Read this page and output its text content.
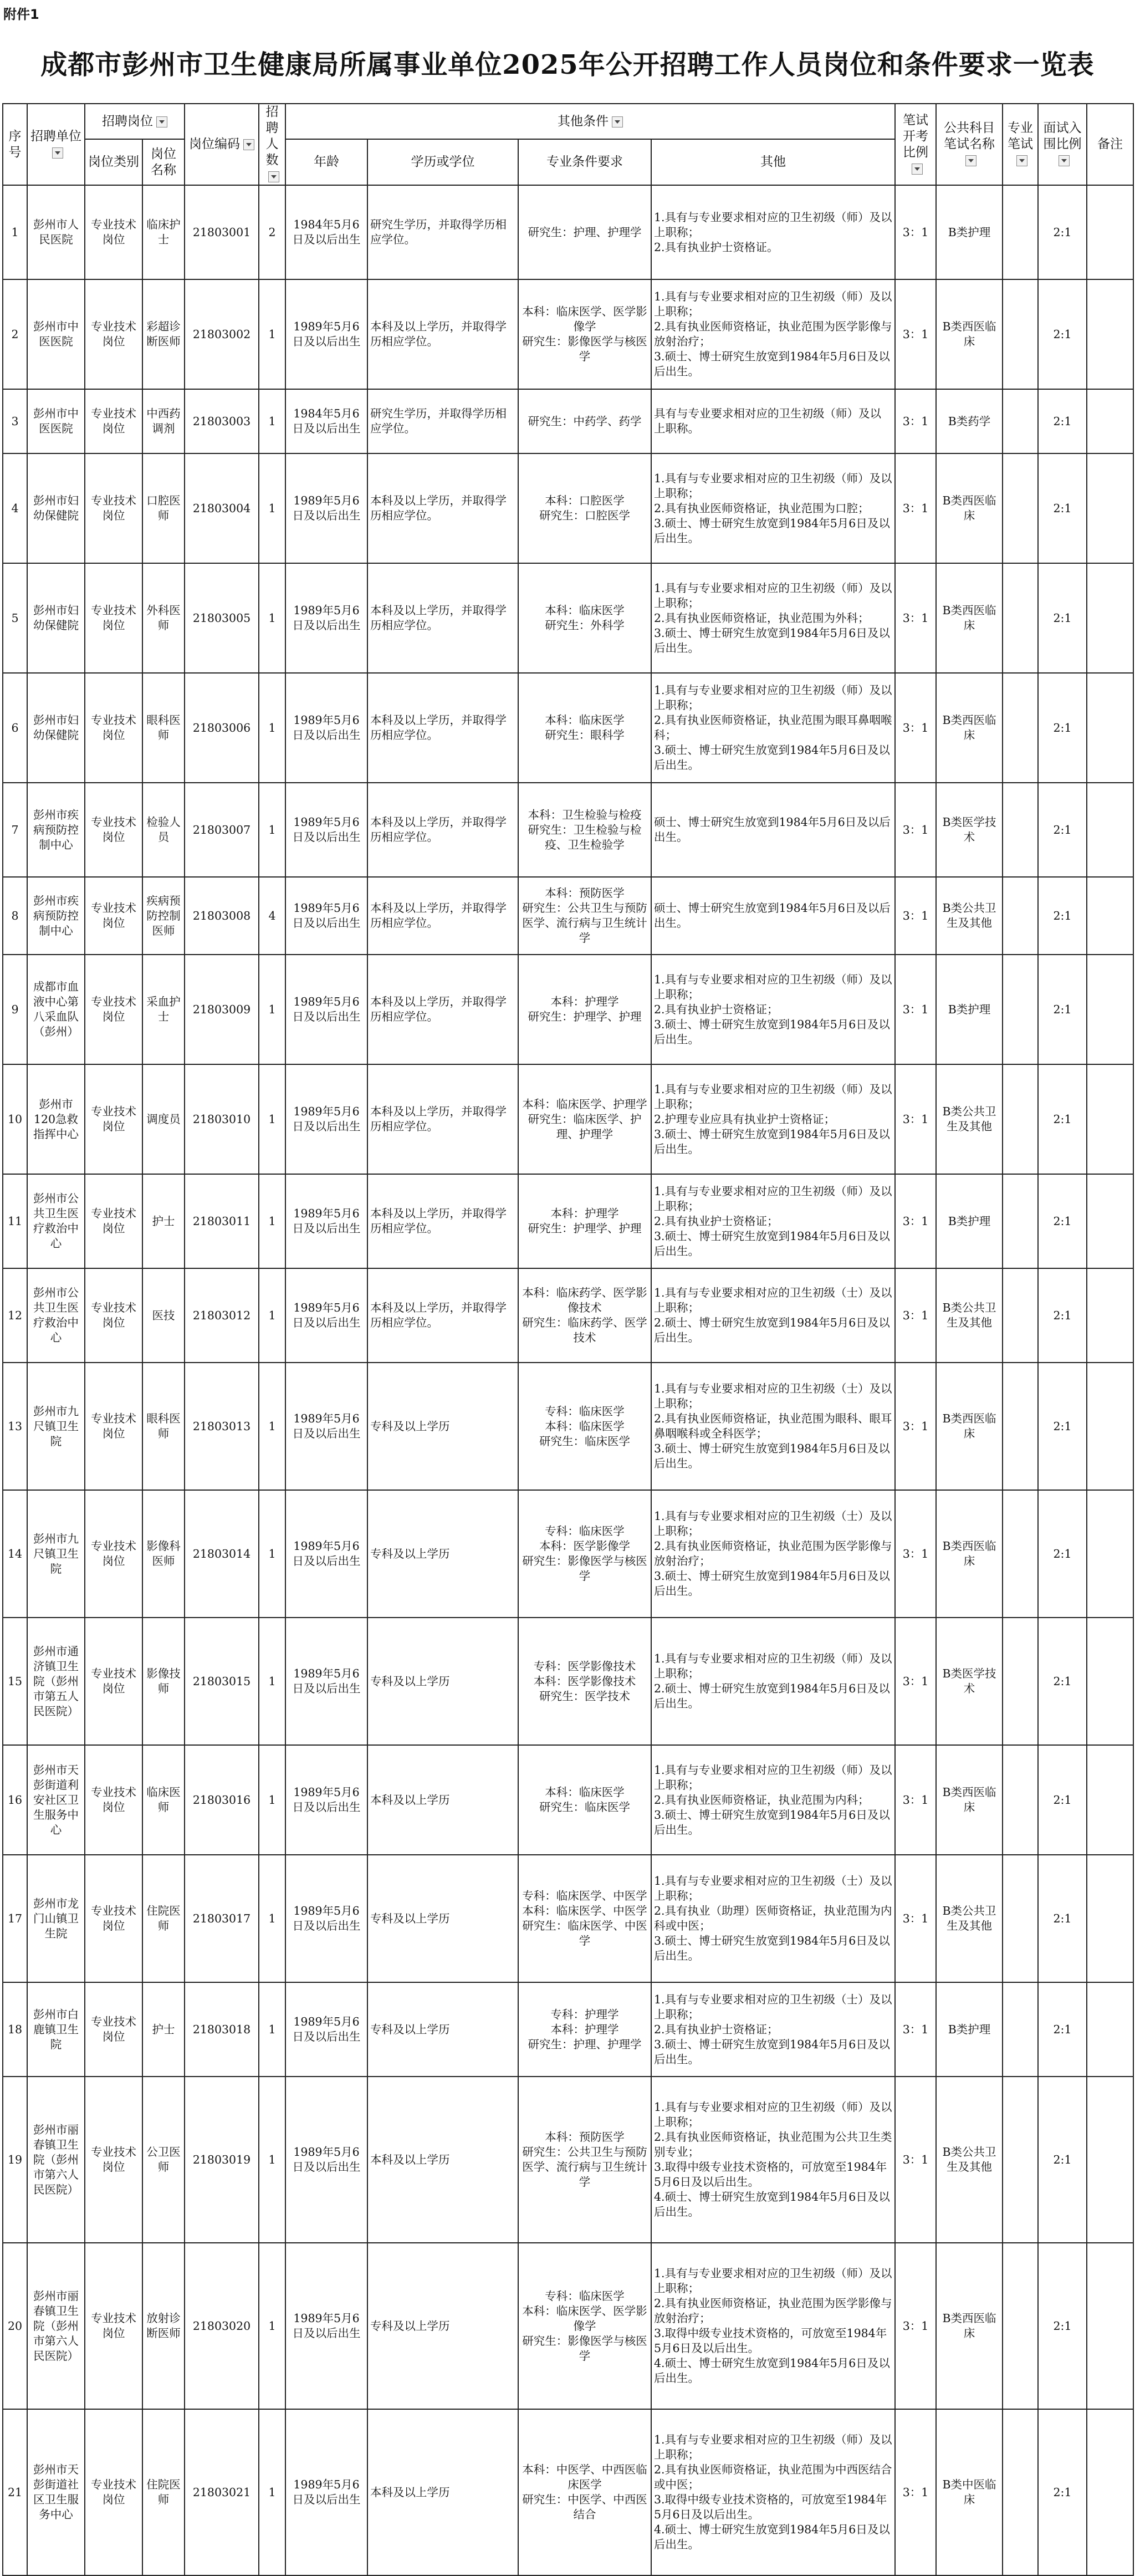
附件1
成都市彭州市卫生健康局所属事业单位2025年公开招聘工作人员岗位和条件要求一览表
序号	招聘单位	招聘岗位		岗位编码	招聘人数	其他条件				笔试开考比例	公共科目笔试名称	专业笔试	面试入围比例	备注
		岗位类别	岗位名称			年龄	学历或学位	专业条件要求	其他					
1	彭州市人民医院	专业技术岗位	临床护士	21803001	2	1984年5月6日及以后出生	研究生学历，并取得学历相应学位。	研究生：护理、护理学	1.具有与专业要求相对应的卫生初级（师）及以上职称；
2.具有执业护士资格证。	3：1	B类护理		2:1	
2	彭州市中医医院	专业技术岗位	彩超诊断医师	21803002	1	1989年5月6日及以后出生	本科及以上学历，并取得学历相应学位。	本科：临床医学、医学影像学
研究生：影像医学与核医学	1.具有与专业要求相对应的卫生初级（师）及以上职称；
2.具有执业医师资格证，执业范围为医学影像与放射治疗；
3.硕士、博士研究生放宽到1984年5月6日及以后出生。	3：1	B类西医临床		2:1	
3	彭州市中医医院	专业技术岗位	中西药调剂	21803003	1	1984年5月6日及以后出生	研究生学历，并取得学历相应学位。	研究生：中药学、药学	具有与专业要求相对应的卫生初级（师）及以上职称。	3：1	B类药学		2:1	
4	彭州市妇幼保健院	专业技术岗位	口腔医师	21803004	1	1989年5月6日及以后出生	本科及以上学历，并取得学历相应学位。	本科：口腔医学
研究生：口腔医学	1.具有与专业要求相对应的卫生初级（师）及以上职称；
2.具有执业医师资格证，执业范围为口腔；
3.硕士、博士研究生放宽到1984年5月6日及以后出生。	3：1	B类西医临床		2:1	
5	彭州市妇幼保健院	专业技术岗位	外科医师	21803005	1	1989年5月6日及以后出生	本科及以上学历，并取得学历相应学位。	本科：临床医学
研究生：外科学	1.具有与专业要求相对应的卫生初级（师）及以上职称；
2.具有执业医师资格证，执业范围为外科；
3.硕士、博士研究生放宽到1984年5月6日及以后出生。	3：1	B类西医临床		2:1	
6	彭州市妇幼保健院	专业技术岗位	眼科医师	21803006	1	1989年5月6日及以后出生	本科及以上学历，并取得学历相应学位。	本科：临床医学
研究生：眼科学	1.具有与专业要求相对应的卫生初级（师）及以上职称；
2.具有执业医师资格证，执业范围为眼耳鼻咽喉科；
3.硕士、博士研究生放宽到1984年5月6日及以后出生。	3：1	B类西医临床		2:1	
7	彭州市疾病预防控制中心	专业技术岗位	检验人员	21803007	1	1989年5月6日及以后出生	本科及以上学历，并取得学历相应学位。	本科：卫生检验与检疫
研究生：卫生检验与检疫、卫生检验学	硕士、博士研究生放宽到1984年5月6日及以后出生。	3：1	B类医学技术		2:1	
8	彭州市疾病预防控制中心	专业技术岗位	疾病预防控制医师	21803008	4	1989年5月6日及以后出生	本科及以上学历，并取得学历相应学位。	本科：预防医学
研究生：公共卫生与预防医学、流行病与卫生统计学	硕士、博士研究生放宽到1984年5月6日及以后出生。	3：1	B类公共卫生及其他		2:1	
9	成都市血液中心第八采血队（彭州）	专业技术岗位	采血护士	21803009	1	1989年5月6日及以后出生	本科及以上学历，并取得学历相应学位。	本科：护理学
研究生：护理学、护理	1.具有与专业要求相对应的卫生初级（师）及以上职称；
2.具有执业护士资格证；
3.硕士、博士研究生放宽到1984年5月6日及以后出生。	3：1	B类护理		2:1	
10	彭州市120急救指挥中心	专业技术岗位	调度员	21803010	1	1989年5月6日及以后出生	本科及以上学历，并取得学历相应学位。	本科：临床医学、护理学
研究生：临床医学、护理、护理学	1.具有与专业要求相对应的卫生初级（师）及以上职称；
2.护理专业应具有执业护士资格证；
3.硕士、博士研究生放宽到1984年5月6日及以后出生。	3：1	B类公共卫生及其他		2:1	
11	彭州市公共卫生医疗救治中心	专业技术岗位	护士	21803011	1	1989年5月6日及以后出生	本科及以上学历，并取得学历相应学位。	本科：护理学
研究生：护理学、护理	1.具有与专业要求相对应的卫生初级（师）及以上职称；
2.具有执业护士资格证；
3.硕士、博士研究生放宽到1984年5月6日及以后出生。	3：1	B类护理		2:1	
12	彭州市公共卫生医疗救治中心	专业技术岗位	医技	21803012	1	1989年5月6日及以后出生	本科及以上学历，并取得学历相应学位。	本科：临床药学、医学影像技术
研究生：临床药学、医学技术	1.具有与专业要求相对应的卫生初级（士）及以上职称；
2.硕士、博士研究生放宽到1984年5月6日及以后出生。	3：1	B类公共卫生及其他		2:1	
13	彭州市九尺镇卫生院	专业技术岗位	眼科医师	21803013	1	1989年5月6日及以后出生	专科及以上学历	专科：临床医学
本科：临床医学
研究生：临床医学	1.具有与专业要求相对应的卫生初级（士）及以上职称；
2.具有执业医师资格证，执业范围为眼科、眼耳鼻咽喉科或全科医学；
3.硕士、博士研究生放宽到1984年5月6日及以后出生。	3：1	B类西医临床		2:1	
14	彭州市九尺镇卫生院	专业技术岗位	影像科医师	21803014	1	1989年5月6日及以后出生	专科及以上学历	专科：临床医学
本科：医学影像学
研究生：影像医学与核医学	1.具有与专业要求相对应的卫生初级（士）及以上职称；
2.具有执业医师资格证，执业范围为医学影像与放射治疗；
3.硕士、博士研究生放宽到1984年5月6日及以后出生。	3：1	B类西医临床		2:1	
15	彭州市通济镇卫生院（彭州市第五人民医院）	专业技术岗位	影像技师	21803015	1	1989年5月6日及以后出生	专科及以上学历	专科：医学影像技术
本科：医学影像技术
研究生：医学技术	1.具有与专业要求相对应的卫生初级（师）及以上职称；
2.硕士、博士研究生放宽到1984年5月6日及以后出生。	3：1	B类医学技术		2:1	
16	彭州市天彭街道利安社区卫生服务中心	专业技术岗位	临床医师	21803016	1	1989年5月6日及以后出生	本科及以上学历	本科：临床医学
研究生：临床医学	1.具有与专业要求相对应的卫生初级（师）及以上职称；
2.具有执业医师资格证，执业范围为内科；
3.硕士、博士研究生放宽到1984年5月6日及以后出生。	3：1	B类西医临床		2:1	
17	彭州市龙门山镇卫生院	专业技术岗位	住院医师	21803017	1	1989年5月6日及以后出生	专科及以上学历	专科：临床医学、中医学
本科：临床医学、中医学
研究生：临床医学、中医学	1.具有与专业要求相对应的卫生初级（士）及以上职称；
2.具有执业（助理）医师资格证，执业范围为内科或中医；
3.硕士、博士研究生放宽到1984年5月6日及以后出生。	3：1	B类公共卫生及其他		2:1	
18	彭州市白鹿镇卫生院	专业技术岗位	护士	21803018	1	1989年5月6日及以后出生	专科及以上学历	专科：护理学
本科：护理学
研究生：护理、护理学	1.具有与专业要求相对应的卫生初级（士）及以上职称；
2.具有执业护士资格证；
3.硕士、博士研究生放宽到1984年5月6日及以后出生。	3：1	B类护理		2:1	
19	彭州市丽春镇卫生院（彭州市第六人民医院）	专业技术岗位	公卫医师	21803019	1	1989年5月6日及以后出生	本科及以上学历	本科：预防医学
研究生：公共卫生与预防医学、流行病与卫生统计学	1.具有与专业要求相对应的卫生初级（师）及以上职称；
2.具有执业医师资格证，执业范围为公共卫生类别专业；
3.取得中级专业技术资格的，可放宽至1984年5月6日及以后出生。
4.硕士、博士研究生放宽到1984年5月6日及以后出生。	3：1	B类公共卫生及其他		2:1	
20	彭州市丽春镇卫生院（彭州市第六人民医院）	专业技术岗位	放射诊断医师	21803020	1	1989年5月6日及以后出生	专科及以上学历	专科：临床医学
本科：临床医学、医学影像学
研究生：影像医学与核医学	1.具有与专业要求相对应的卫生初级（师）及以上职称；
2.具有执业医师资格证，执业范围为医学影像与放射治疗；
3.取得中级专业技术资格的，可放宽至1984年5月6日及以后出生。
4.硕士、博士研究生放宽到1984年5月6日及以后出生。	3：1	B类西医临床		2:1	
21	彭州市天彭街道社区卫生服务中心	专业技术岗位	住院医师	21803021	1	1989年5月6日及以后出生	本科及以上学历	本科：中医学、中西医临床医学
研究生：中医学、中西医结合	1.具有与专业要求相对应的卫生初级（师）及以上职称；
2.具有执业医师资格证，执业范围为中西医结合或中医；
3.取得中级专业技术资格的，可放宽至1984年5月6日及以后出生。
4.硕士、博士研究生放宽到1984年5月6日及以后出生。	3：1	B类中医临床		2:1	
